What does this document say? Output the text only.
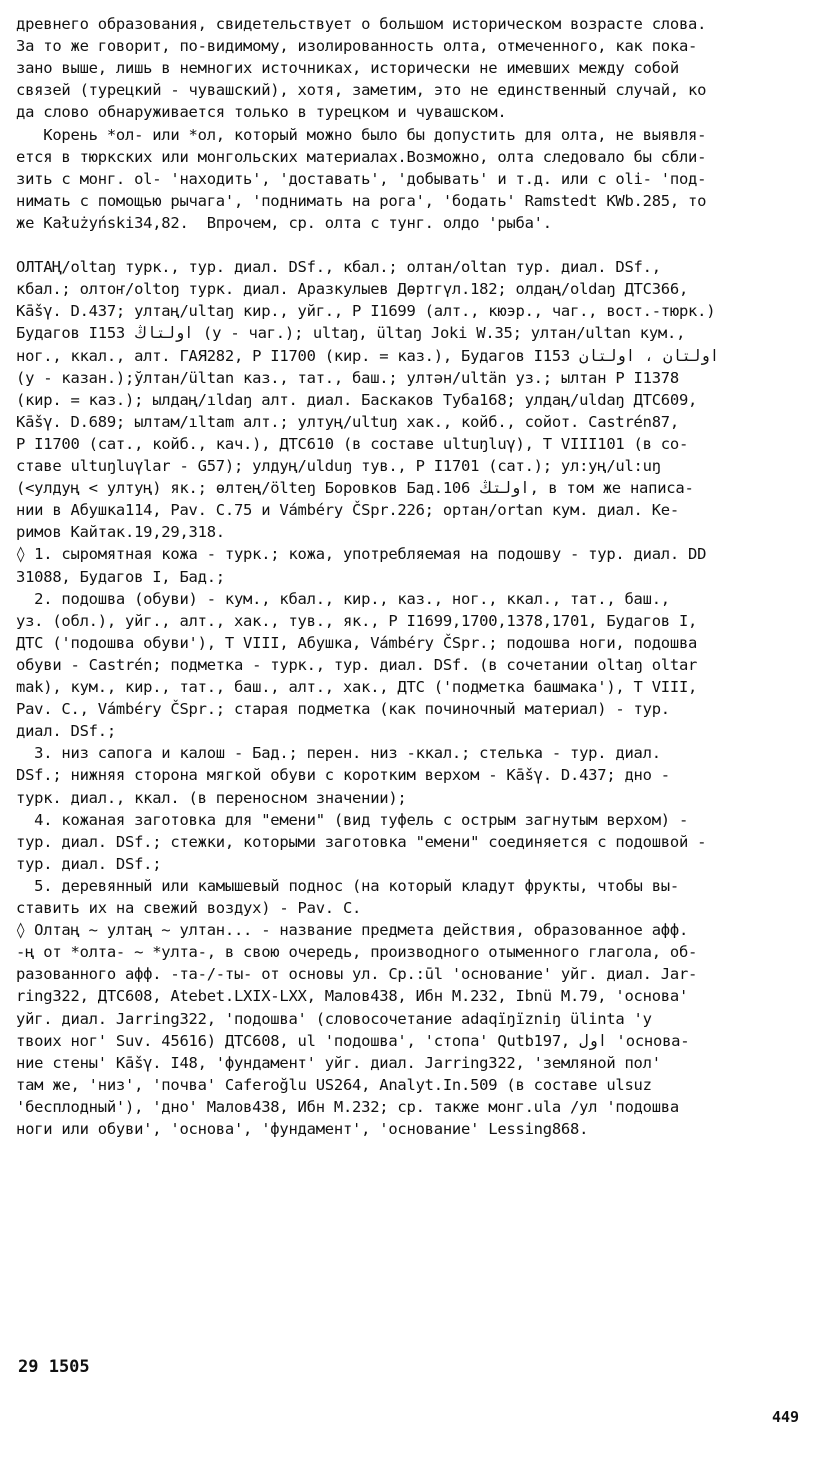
древнего образования, свидетельствует о большом историческом возрасте слова.
За то же говорит, по-видимому, изолированность олта, отмеченного, как пока-
зано выше, лишь в немногих источниках, исторически не имевших между собой
связей (турецкий - чувашский), хотя, заметим, это не единственный случай, ко
да слово обнаруживается только в турецком и чувашском.
Корень *ол- или *ол, который можно было бы допустить для олта, не выявля-
ется в тюркских или монгольских материалах.Возможно, олта следовало бы сбли-
зить с монг. ol- 'находить', 'доставать', 'добывать' и т.д. или с oli- 'под-
нимать с помощью рычага', 'поднимать на рога', 'бодать' Ramstedt KWb.285, то
же Kałużyński34,82.  Впрочем, ср. олта с тунг. олдо 'рыба'.
ОЛТАҢ/oltaŋ турк., тур. диал. DSf., кбал.; олтан/oltan тур. диал. DSf.,
кбал.; олтоҥ/oltoŋ турк. диал. Аразкулыев Дөртгүл.182; олдаң/oldaŋ ДТС366,
Kāšγ. D.437; ултаң/ultaŋ кир., уйг., Р I1699 (алт., кюэр., чаг., вост.-тюрк.)
Будагов I153 اولتاڭ (у - чаг.); ultaŋ, ültaŋ Joki W.35; ултан/ultan кум.,
ног., ккал., алт. ГАЯ282, Р I1700 (кир. = каз.), Будагов I153 اولتان ، اولتان
(у - казан.);ўлтан/ültan каз., тат., баш.; ултән/ultän уз.; ылтан Р I1378
(кир. = каз.); ылдаң/ıldaŋ алт. диал. Баскаков Туба168; улдаң/uldaŋ ДТС609,
Kāšγ. D.689; ылтам/ıltam алт.; ултуң/ultuŋ хак., койб., сойот. Castrén87,
Р I1700 (сат., койб., кач.), ДТС610 (в составе ultuŋluγ), Т VIII101 (в со-
ставе ultuŋluγlar - G57); улдуң/ulduŋ тув., Р I1701 (сат.); ул:уң/ul:uŋ
(<улдуң < ултуң) як.; өлтең/ölteŋ Боровков Бад.106 اولتڭ, в том же написа-
нии в Абушка114, Pav. C.75 и Vámbéry ČSpr.226; ортан/ortan кум. диал. Ке-
римов Кайтак.19,29,318.
◊ 1. сыромятная кожа - турк.; кожа, употребляемая на подошву - тур. диал. DD
31088, Будагов I, Бад.;
2. подошва (обуви) - кум., кбал., кир., каз., ног., ккал., тат., баш.,
уз. (обл.), уйг., алт., хак., тув., як., Р I1699,1700,1378,1701, Будагов I,
ДТС ('подошва обуви'), Т VIII, Абушка, Vámbéry ČSpr.; подошва ноги, подошва
обуви - Castrén; подметка - турк., тур. диал. DSf. (в сочетании oltaŋ oltar
mak), кум., кир., тат., баш., алт., хак., ДТС ('подметка башмака'), Т VIII,
Pav. C., Vámbéry ČSpr.; старая подметка (как починочный материал) - тур.
диал. DSf.;
3. низ сапога и калош - Бад.; перен. низ -ккал.; стелька - тур. диал.
DSf.; нижняя сторона мягкой обуви с коротким верхом - Kāšγ. D.437; дно -
турк. диал., ккал. (в переносном значении);
4. кожаная заготовка для "емени" (вид туфель с острым загнутым верхом) -
тур. диал. DSf.; стежки, которыми заготовка "емени" соединяется с подошвой -
тур. диал. DSf.;
5. деревянный или камышевый поднос (на который кладут фрукты, чтобы вы-
ставить их на свежий воздух) - Pav. C.
◊ Олтаң ~ ултаң ~ ултан... - название предмета действия, образованное афф.
-ң от *олта- ~ *улта-, в свою очередь, производного отыменного глагола, об-
разованного афф. -та-/-ты- от основы ул. Ср.:ūl 'основание' уйг. диал. Jar-
ring322, ДТС608, Atebet.LXIX-LXX, Малов438, Ибн М.232, Ibnü M.79, 'основа'
уйг. диал. Jarring322, 'подошва' (словосочетание adaqïŋïzniŋ ülinta 'у
твоих ног' Suv. 45616) ДТС608, ul 'подошва', 'стопа' Qutb197, اول 'основа-
ние стены' Kāšγ. I48, 'фундамент' уйг. диал. Jarring322, 'земляной пол'
там же, 'низ', 'почва' Caferoğlu US264, Analyt.In.509 (в составе ulsuz
'бесплодный'), 'дно' Малов438, Ибн М.232; ср. также монг.ula /ул 'подошва
ноги или обуви', 'основа', 'фундамент', 'основание' Lessing868.
29 1505
449
